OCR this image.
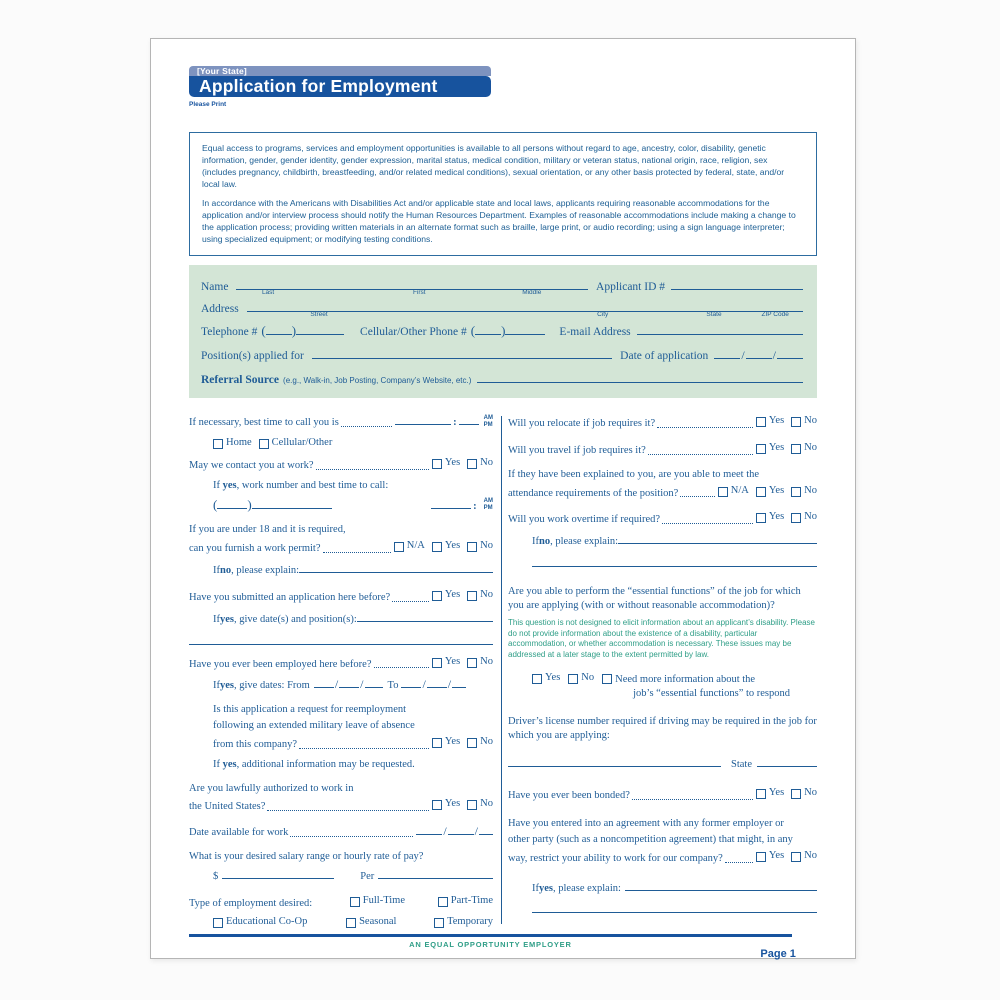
[Your State]
Application for Employment
Please Print

Equal access to programs, services and employment opportunities is available to all persons without regard to age, ancestry, color, disability, genetic information, gender, gender identity, gender expression, marital status, medical condition, military or veteran status, national origin, race, religion, sex (includes pregnancy, childbirth, breastfeeding, and/or related medical conditions), sexual orientation, or any other basis protected by federal, state, and/or local law.

In accordance with the Americans with Disabilities Act and/or applicable state and local laws, applicants requiring reasonable accommodations for the application and/or interview process should notify the Human Resources Department. Examples of reasonable accommodations include making a change to the application process; providing written materials in an alternate format such as braille, large print, or audio recording; using a sign language interpreter; using specialized equipment; or modifying testing conditions.

Name	Last	First	Middle	Applicant ID #
Address	Street	City	State	ZIP Code
Telephone # ( )	Cellular/Other Phone # ( )	E-mail Address
Position(s) applied for	Date of application	/ /
Referral Source (e.g., Walk-in, Job Posting, Company’s Website, etc.)
If necessary, best time to call you is	:	AM
PM
Home Cellular/Other
May we contact you at work?	Yes No
If yes, work number and best time to call:
( )	: AM
PM
If you are under 18 and it is required,
can you furnish a work permit?	N/A Yes No
If no , please explain:
Have you submitted an application here before?	Yes No
If yes , give date(s) and position(s):
Have you ever been employed here before?	Yes No
If yes , give dates: From / / To / /
Is this application a request for reemployment
following an extended military leave of absence
from this company?	Yes No
If yes, additional information may be requested.
Are you lawfully authorized to work in
the United States?	Yes No
Date available for work	/ /
What is your desired salary range or hourly rate of pay?
$	Per
Type of employment desired:	Full-Time	Part-Time
Educational Co-Op	Seasonal	Temporary
Will you relocate if job requires it?	Yes No
Will you travel if job requires it?	Yes No
If they have been explained to you, are you able to meet the
attendance requirements of the position?	N/A Yes No
Will you work overtime if required?	Yes No
If no , please explain:
Are you able to perform the “essential functions” of the job for which you are applying (with or without reasonable accommodation)?
This question is not designed to elicit information about an applicant’s disability. Please do not provide information about the existence of a disability, particular accommodation, or whether accommodation is necessary. These issues may be addressed at a later stage to the extent permitted by law.
Yes No Need more information about the
job’s “essential functions” to respond
Driver’s license number required if driving may be required in the job for which you are applying:
State
Have you ever been bonded?	Yes No
Have you entered into an agreement with any former employer or
other party (such as a noncompetition agreement) that might, in any
way, restrict your ability to work for our company?	Yes No
If yes , please explain:
AN EQUAL OPPORTUNITY EMPLOYER
Page 1
